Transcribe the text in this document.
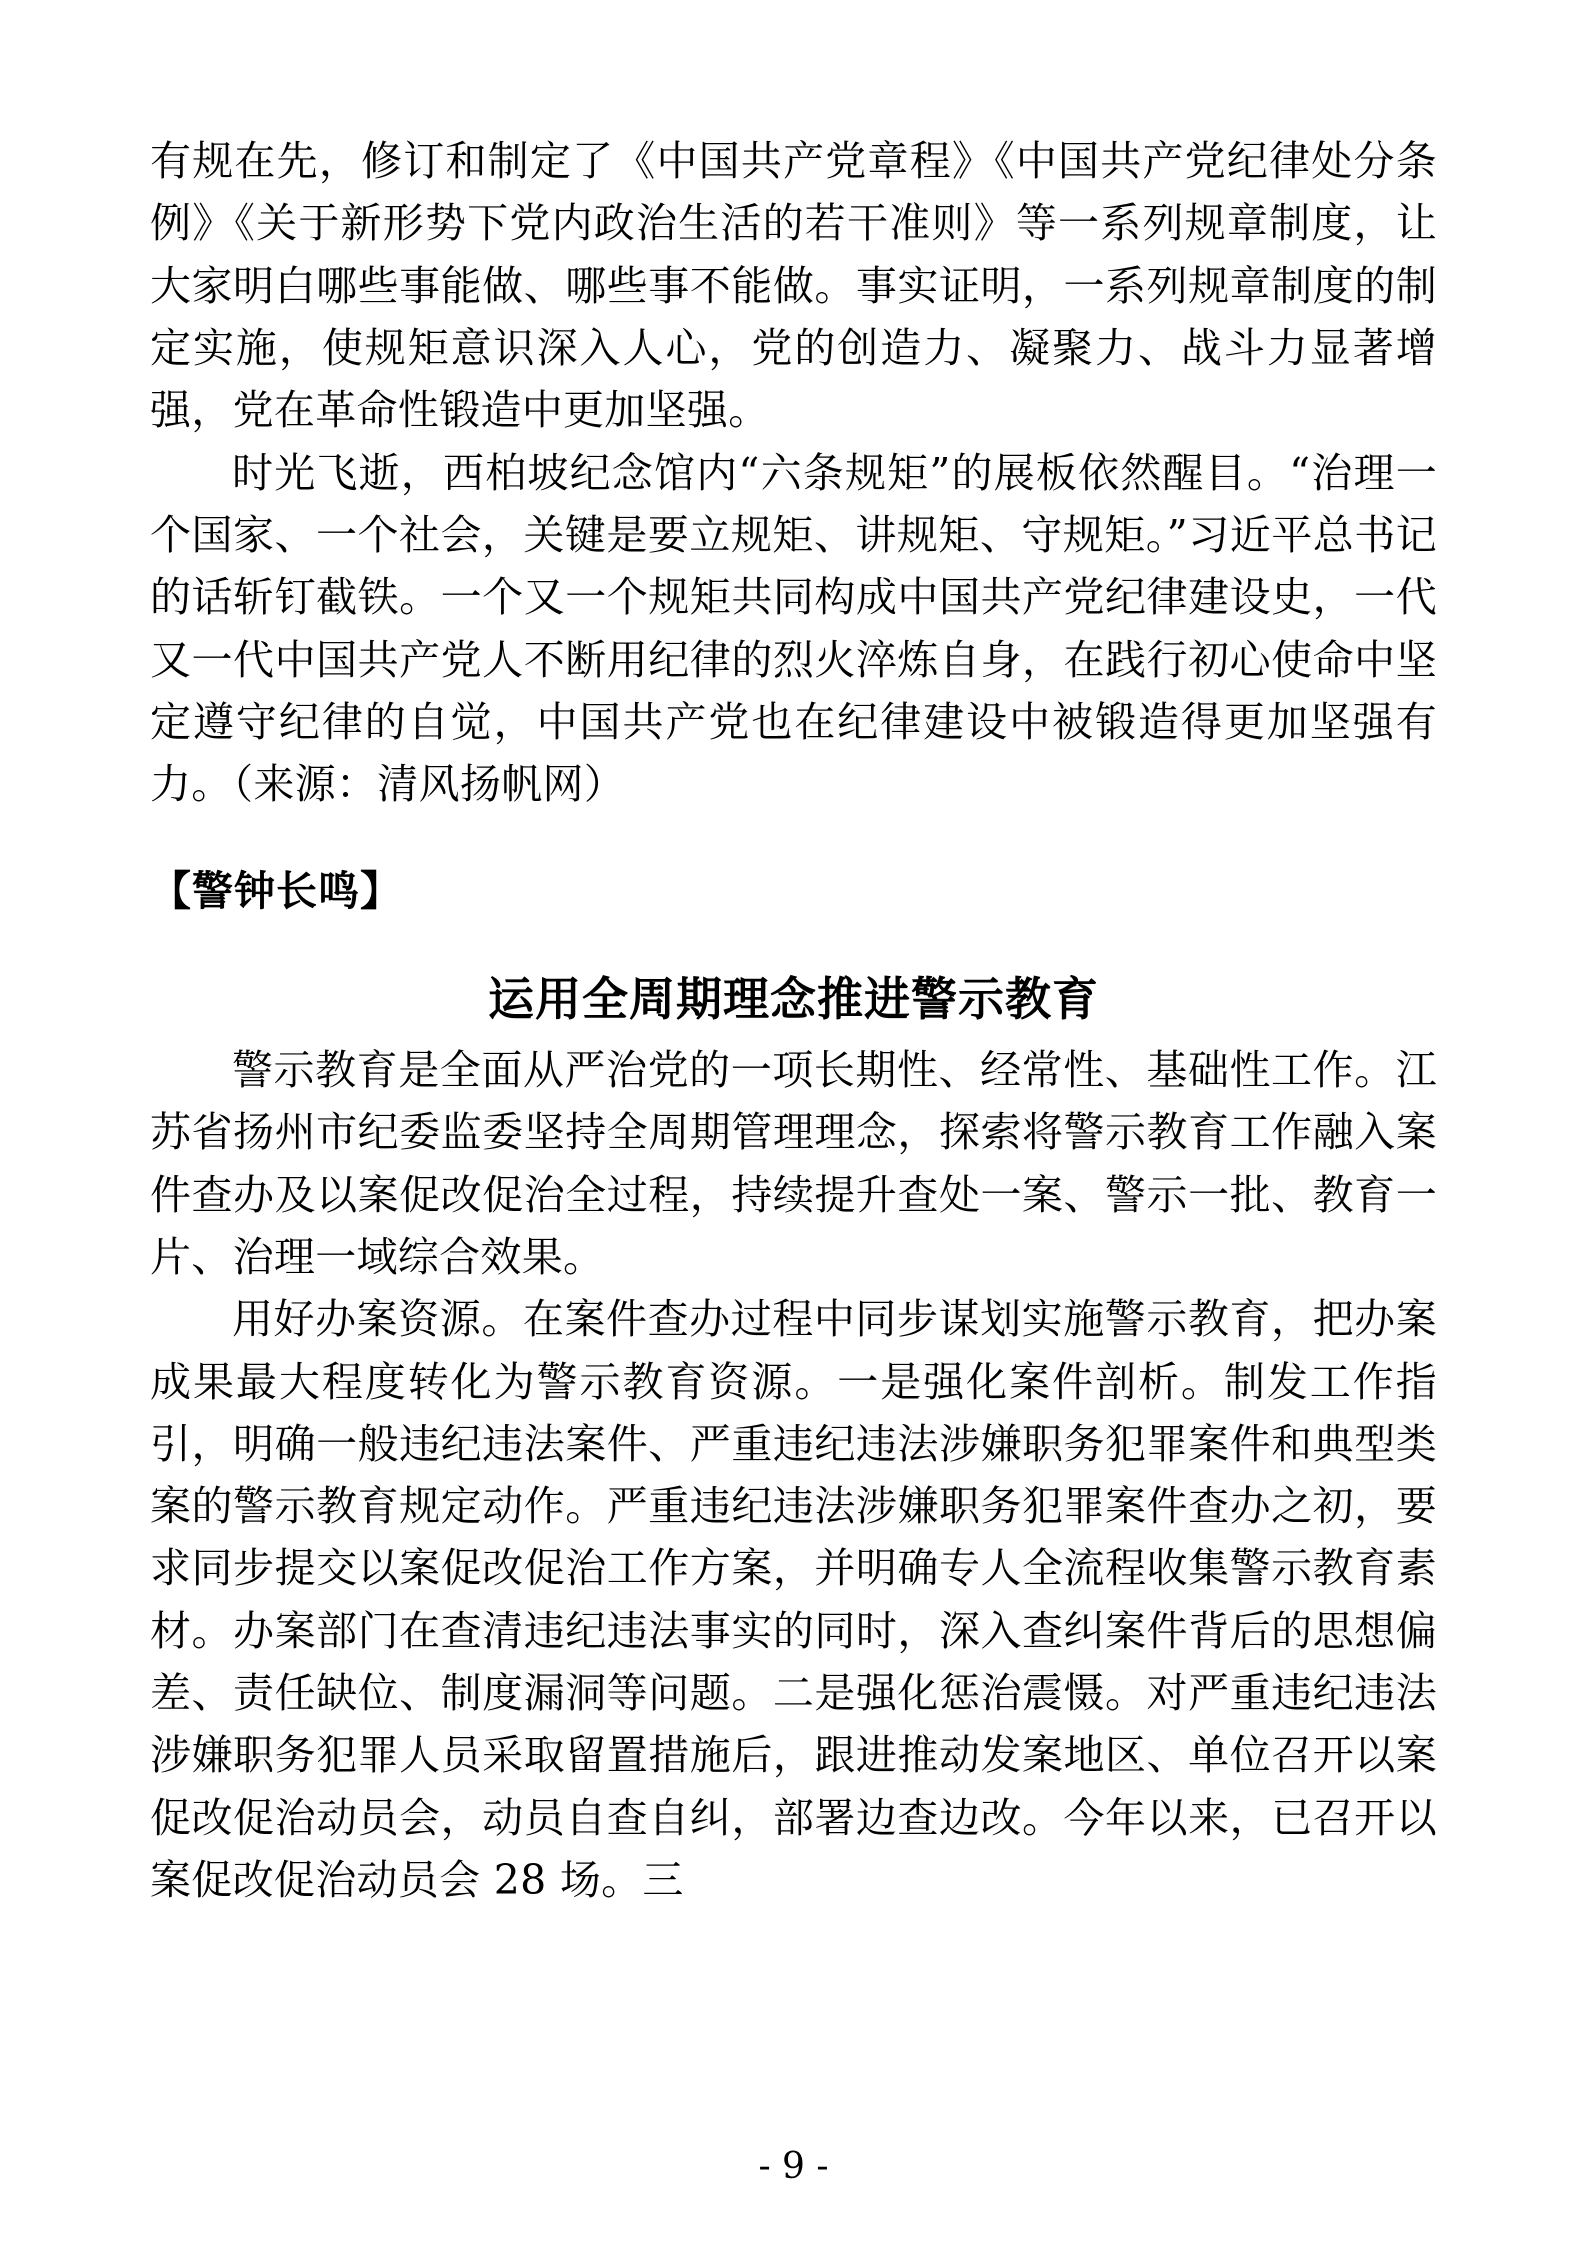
有规在先，修订和制定了《中国共产党章程》《中国共产党纪律处分条例》《关于新形势下党内政治生活的若干准则》等一系列规章制度，让大家明白哪些事能做、哪些事不能做。事实证明，一系列规章制度的制定实施，使规矩意识深入人心，党的创造力、凝聚力、战斗力显著增强，党在革命性锻造中更加坚强。

时光飞逝，西柏坡纪念馆内“六条规矩”的展板依然醒目。“治理一个国家、一个社会，关键是要立规矩、讲规矩、守规矩。”习近平总书记的话斩钉截铁。一个又一个规矩共同构成中国共产党纪律建设史，一代又一代中国共产党人不断用纪律的烈火淬炼自身，在践行初心使命中坚定遵守纪律的自觉，中国共产党也在纪律建设中被锻造得更加坚强有力。（来源：清风扬帆网）

【警钟长鸣】

运用全周期理念推进警示教育

警示教育是全面从严治党的一项长期性、经常性、基础性工作。江苏省扬州市纪委监委坚持全周期管理理念，探索将警示教育工作融入案件查办及以案促改促治全过程，持续提升查处一案、警示一批、教育一片、治理一域综合效果。

用好办案资源。在案件查办过程中同步谋划实施警示教育，把办案成果最大程度转化为警示教育资源。一是强化案件剖析。制发工作指引，明确一般违纪违法案件、严重违纪违法涉嫌职务犯罪案件和典型类案的警示教育规定动作。严重违纪违法涉嫌职务犯罪案件查办之初，要求同步提交以案促改促治工作方案，并明确专人全流程收集警示教育素材。办案部门在查清违纪违法事实的同时，深入查纠案件背后的思想偏差、责任缺位、制度漏洞等问题。二是强化惩治震慑。对严重违纪违法涉嫌职务犯罪人员采取留置措施后，跟进推动发案地区、单位召开以案促改促治动员会，动员自查自纠，部署边查边改。今年以来，已召开以案促改促治动员会 28 场。三

- 9 -
